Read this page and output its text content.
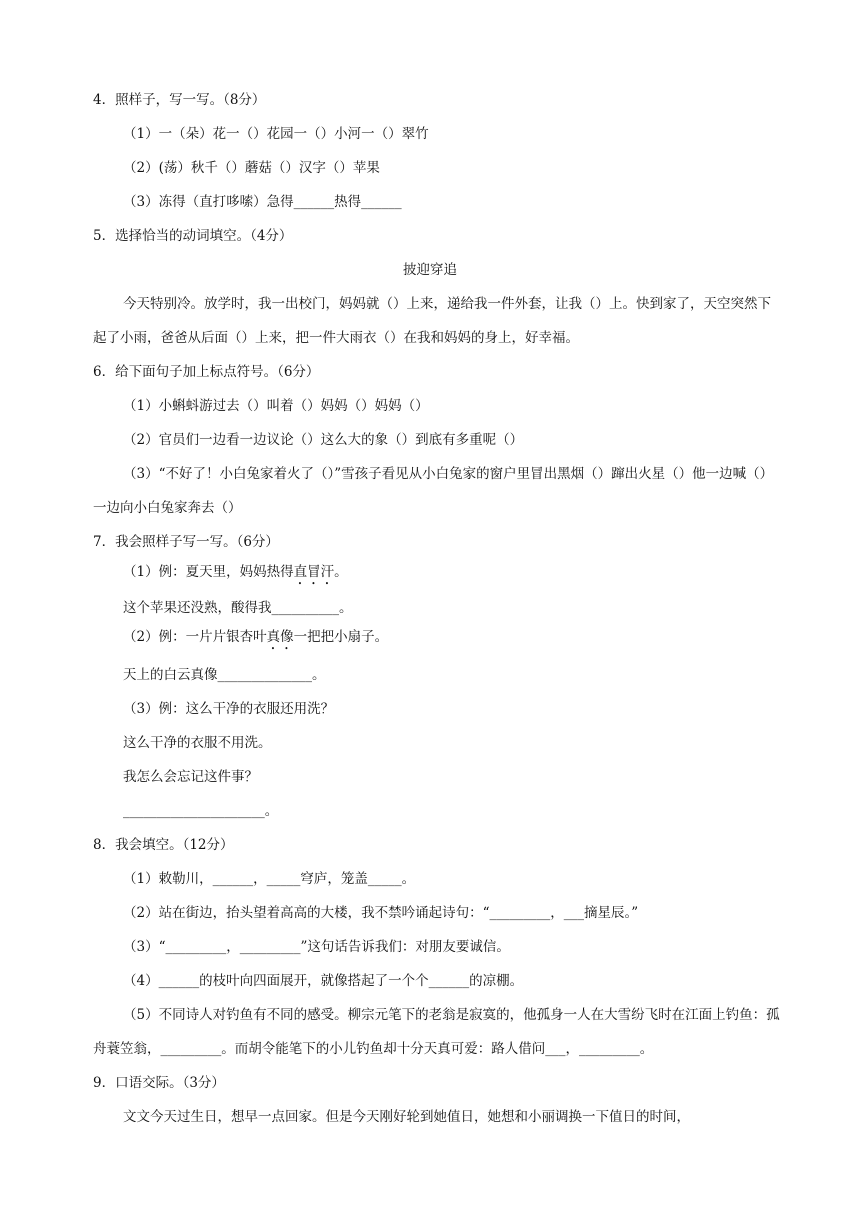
4．照样子，写一写。（8分）
（1）一（朵）花一（）花园一（）小河一（）翠竹
（2）(荡）秋千（）蘑菇（）汉字（）苹果
（3）冻得（直打哆嗦）急得______热得______
5．选择恰当的动词填空。（4分）
披迎穿追
今天特别冷。放学时，我一出校门，妈妈就（）上来，递给我一件外套，让我（）上。快到家了，天空突然下起了小雨，爸爸从后面（）上来，把一件大雨衣（）在我和妈妈的身上，好幸福。
6．给下面句子加上标点符号。（6分）
（1）小蝌蚪游过去（）叫着（）妈妈（）妈妈（）
（2）官员们一边看一边议论（）这么大的象（）到底有多重呢（）
（3）“不好了！小白兔家着火了（）”雪孩子看见从小白兔家的窗户里冒出黑烟（）蹿出火星（）他一边喊（）一边向小白兔家奔去（）
7．我会照样子写一写。（6分）
（1）例：夏天里，妈妈热得直冒汗。
这个苹果还没熟，酸得我__________。
（2）例：一片片银杏叶真像一把把小扇子。
天上的白云真像______________。
（3）例：这么干净的衣服还用洗？
这么干净的衣服不用洗。
我怎么会忘记这件事？
_____________________。
8．我会填空。（12分）
（1）敕勒川，______，_____穹庐，笼盖_____。
（2）站在街边，抬头望着高高的大楼，我不禁吟诵起诗句：“_________，___摘星辰。”
（3）“_________，_________”这句话告诉我们：对朋友要诚信。
（4）______的枝叶向四面展开，就像搭起了一个个______的凉棚。
（5）不同诗人对钓鱼有不同的感受。柳宗元笔下的老翁是寂寞的，他孤身一人在大雪纷飞时在江面上钓鱼：孤舟蓑笠翁，_________。而胡令能笔下的小儿钓鱼却十分天真可爱：路人借问___，_________。
9．口语交际。（3分）
文文今天过生日，想早一点回家。但是今天刚好轮到她值日，她想和小丽调换一下值日的时间，
